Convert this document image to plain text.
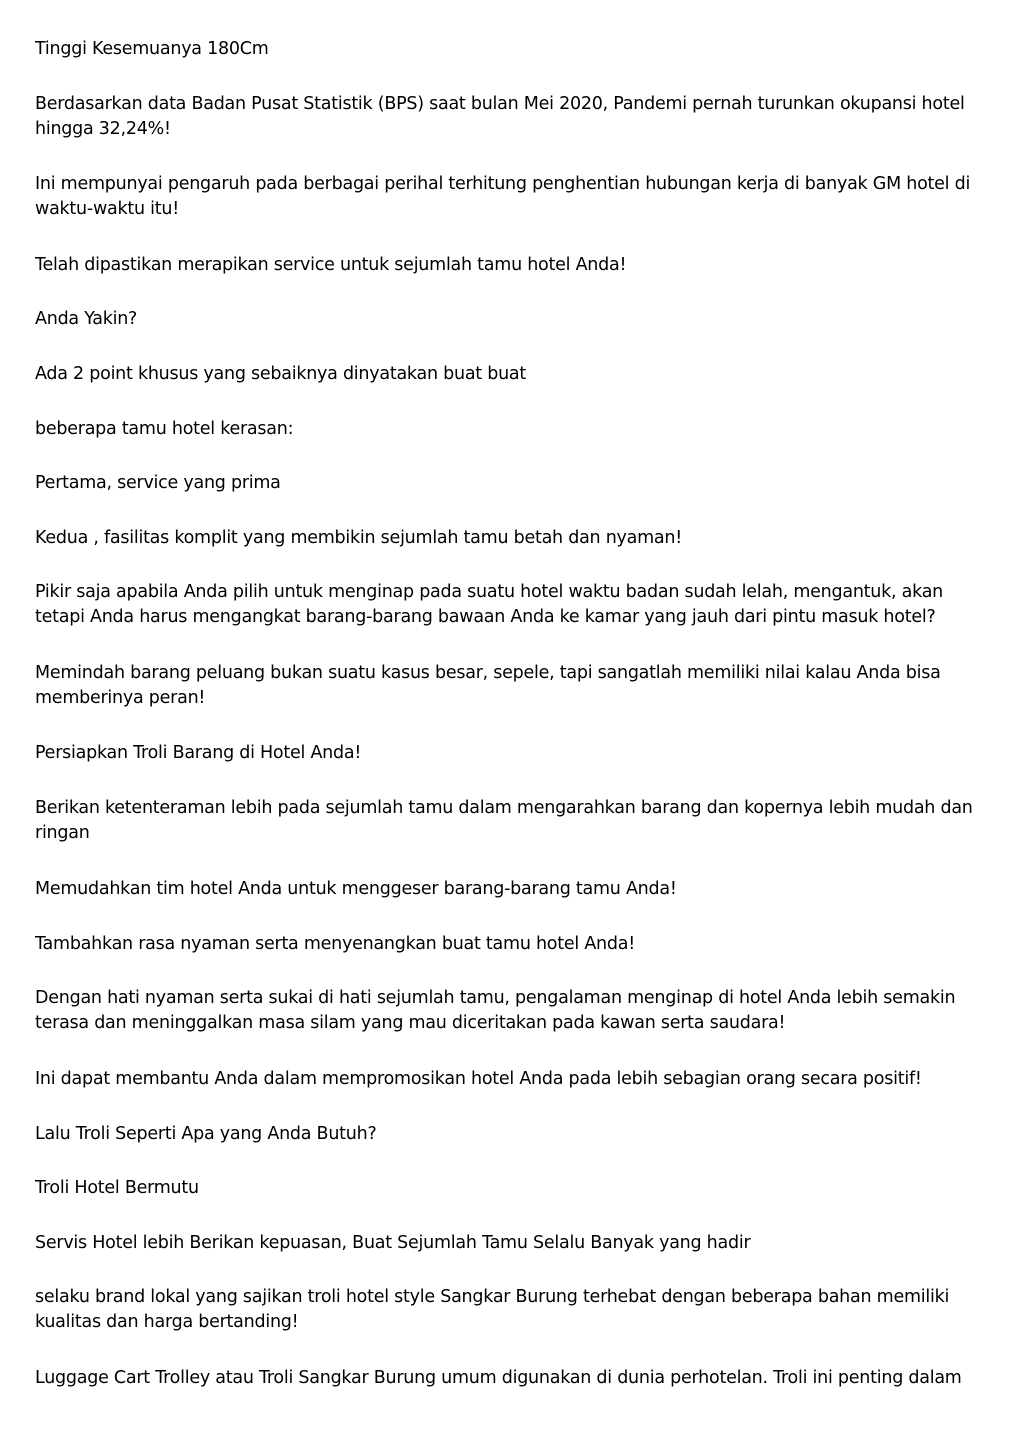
Tinggi Kesemuanya 180Cm

Berdasarkan data Badan Pusat Statistik (BPS) saat bulan Mei 2020, Pandemi pernah turunkan okupansi hotel hingga 32,24%!

Ini mempunyai pengaruh pada berbagai perihal terhitung penghentian hubungan kerja di banyak GM hotel di waktu-waktu itu!

Telah dipastikan merapikan service untuk sejumlah tamu hotel Anda!

Anda Yakin?

Ada 2 point khusus yang sebaiknya dinyatakan buat buat

beberapa tamu hotel kerasan:

Pertama, service yang prima

Kedua , fasilitas komplit yang membikin sejumlah tamu betah dan nyaman!

Pikir saja apabila Anda pilih untuk menginap pada suatu hotel waktu badan sudah lelah, mengantuk, akan tetapi Anda harus mengangkat barang-barang bawaan Anda ke kamar yang jauh dari pintu masuk hotel?

Memindah barang peluang bukan suatu kasus besar, sepele, tapi sangatlah memiliki nilai kalau Anda bisa memberinya peran!

Persiapkan Troli Barang di Hotel Anda!

Berikan ketenteraman lebih pada sejumlah tamu dalam mengarahkan barang dan kopernya lebih mudah dan ringan

Memudahkan tim hotel Anda untuk menggeser barang-barang tamu Anda!

Tambahkan rasa nyaman serta menyenangkan buat tamu hotel Anda!

Dengan hati nyaman serta sukai di hati sejumlah tamu, pengalaman menginap di hotel Anda lebih semakin terasa dan meninggalkan masa silam yang mau diceritakan pada kawan serta saudara!

Ini dapat membantu Anda dalam mempromosikan hotel Anda pada lebih sebagian orang secara positif!

Lalu Troli Seperti Apa yang Anda Butuh?

Troli Hotel Bermutu

Servis Hotel lebih Berikan kepuasan, Buat Sejumlah Tamu Selalu Banyak yang hadir

selaku brand lokal yang sajikan troli hotel style Sangkar Burung terhebat dengan beberapa bahan memiliki kualitas dan harga bertanding!

Luggage Cart Trolley atau Troli Sangkar Burung umum digunakan di dunia perhotelan. Troli ini penting dalam
